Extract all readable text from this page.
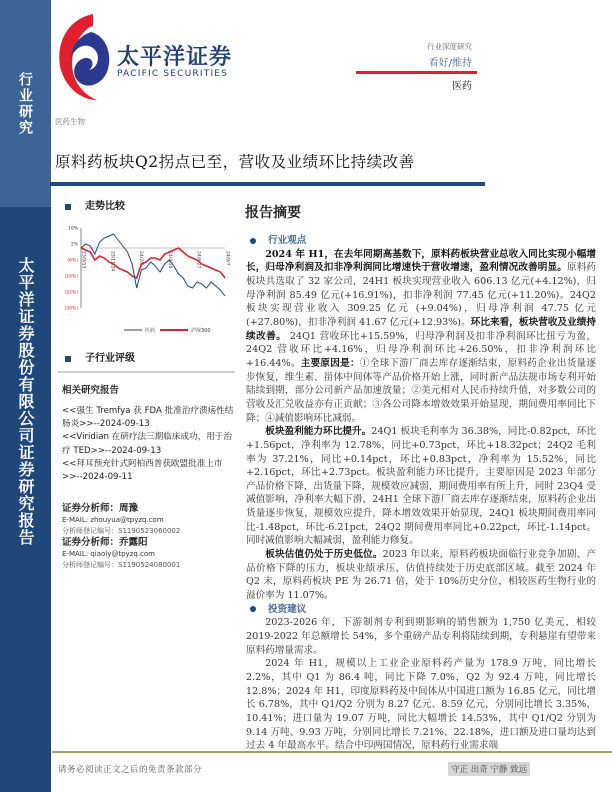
行业研究
太平洋证券股份有限公司证券研究报告
太平洋证券
PACIFIC SECURITIES
行业深度研究
看好/维持
医药
医药生物
原料药板块Q2拐点已至，营收及业绩环比持续改善
走势比较
10%
2%
(6%)
(14%)
(22%)
(30%)
23/9/13	23/11/24	24/2/4	24/4/16	24/6/27	24/9/7
医药	沪深300
子行业评级
相关研究报告
<<强生 Tremfya 获 FDA 批准治疗溃疡性结肠炎>>--2024-09-13
<<Viridian 在研疗法三期临床成功，用于治疗 TED>>--2024-09-13
<<拜耳预充针式阿柏西普获欧盟批准上市>>--2024-09-11
证券分析师：周豫
E-MAIL: zhouyua@tpyzq.com
分析师登记编号：S1190523060002
证券分析师：乔露阳
E-MAIL: qiaoly@tpyzq.com
分析师登记编号：S1190524080001
报告摘要
行业观点
2024 年 H1，在去年同期高基数下，原料药板块营业总收入同比实现小幅增长，归母净利润及扣非净利润同比增速快于营收增速，盈利情况改善明显。原料药板块共选取了 32 家公司，24H1 板块实现营业收入 606.13 亿元(+4.12%)，归母净利润 85.49 亿元(+16.91%)，扣非净利润 77.45 亿元(+11.20%)。24Q2 板块实现营业收入 309.25 亿元 (+9.04%)，归母净利润 47.75 亿元(+27.80%)，扣非净利润 41.67 亿元(+12.93%)。环比来看，板块营收及业绩持续改善。 24Q1 营收环比+15.59%，归母净利润及扣非净利润环比扭亏为盈，24Q2 营收环比+4.16%，归母净利润环比+26.50%，扣非净利润环比+16.44%。主要原因是：①全球下游厂商去库存逐渐结束，原料药企业出货量逐步恢复，维生素、甾体中间体等产品价格开始上涨，同时新产品法规市场专利开始陆续到期，部分公司新产品加速放量；②美元相对人民币持续升值，对多数公司的营收及汇兑收益亦有正贡献；③各公司降本增效效果开始显现，期间费用率同比下降；④减值影响环比减弱。
板块盈利能力环比提升。24Q1 板块毛利率为 36.38%，同比-0.82pct，环比+1.56pct，净利率为 12.78%，同比+0.73pct，环比+18.32pct；24Q2 毛利率为 37.21%，同比+0.14pct，环比+0.83pct，净利率为 15.52%，同比+2.16pct，环比+2.73pct。板块盈利能力环比提升，主要原因是 2023 年部分产品价格下降，出货量下降，规模效应减弱，期间费用率有所上升，同时 23Q4 受减值影响，净利率大幅下滑，24H1 全球下游厂商去库存逐渐结束，原料药企业出货量逐步恢复，规模效应提升，降本增效效果开始显现，24Q1 板块期间费用率同比-1.48pct，环比-6.21pct，24Q2 期间费用率同比+0.22pct，环比-1.14pct。同时减值影响大幅减弱，盈利能力修复。
板块估值仍处于历史低位。2023 年以来，原料药板块面临行业竞争加剧、产品价格下降的压力，板块业绩承压，估值持续处于历史底部区域。截至 2024 年 Q2 末，原料药板块 PE 为 26.71 倍，处于 10%历史分位，相较医药生物行业的溢价率为 11.07%。
投资建议
2023-2026 年，下游制剂专利到期影响的销售额为 1,750 亿美元，相较 2019-2022 年总额增长 54%，多个重磅产品专利将陆续到期，专利悬崖有望带来原料药增量需求。
2024 年 H1，规模以上工业企业原料药产量为 178.9 万吨，同比增长 2.2%，其中 Q1 为 86.4 吨，同比下降 7.0%，Q2 为 92.4 万吨，同比增长 12.8%；2024 年 H1，印度原料药及中间体从中国进口额为 16.85 亿元，同比增长 6.78%，其中 Q1/Q2 分别为 8.27 亿元、8.59 亿元，分别同比增长 3.35%、10.41%；进口量为 19.07 万吨，同比大幅增长 14.53%，其中 Q1/Q2 分别为 9.14 万吨、9.93 万吨，分别同比增长 7.21%、22.18%，进口额及进口量均达到过去 4 年最高水平。结合中印两国情况，原料药行业需求端
请务必阅读正文之后的免责条款部分	守正 出奇 宁静 致远
